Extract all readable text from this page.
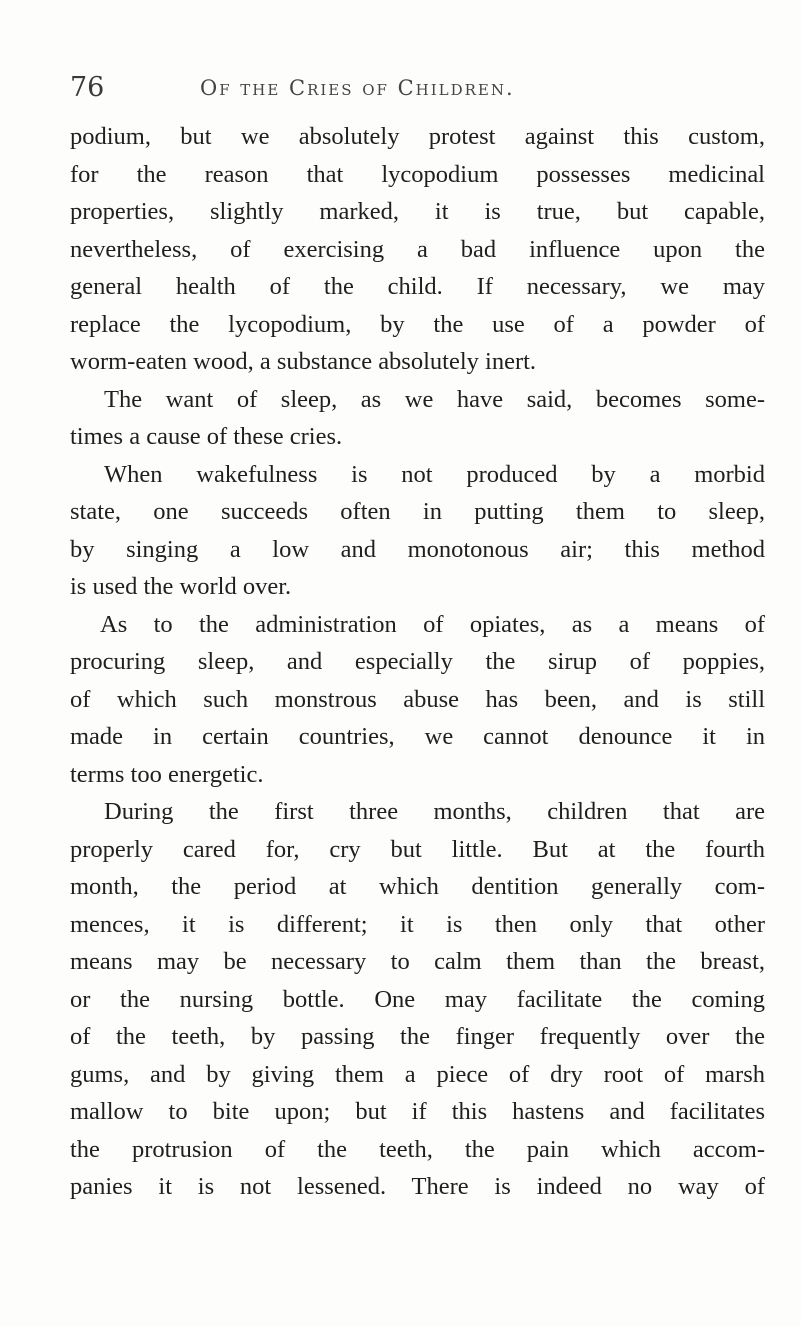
76	Of the Cries of Children.
podium, but we absolutely protest against this custom,
for the reason that lycopodium possesses medicinal
properties, slightly marked, it is true, but capable,
nevertheless, of exercising a bad influence upon the
general health of the child. If necessary, we may
replace the lycopodium, by the use of a powder of
worm-eaten wood, a substance absolutely inert.
The want of sleep, as we have said, becomes some-
times a cause of these cries.
When wakefulness is not produced by a morbid
state, one succeeds often in putting them to sleep,
by singing a low and monotonous air; this method
is used the world over.
As to the administration of opiates, as a means of
procuring sleep, and especially the sirup of poppies,
of which such monstrous abuse has been, and is still
made in certain countries, we cannot denounce it in
terms too energetic.
During the first three months, children that are
properly cared for, cry but little. But at the fourth
month, the period at which dentition generally com-
mences, it is different; it is then only that other
means may be necessary to calm them than the breast,
or the nursing bottle. One may facilitate the coming
of the teeth, by passing the finger frequently over the
gums, and by giving them a piece of dry root of marsh
mallow to bite upon; but if this hastens and facilitates
the protrusion of the teeth, the pain which accom-
panies it is not lessened. There is indeed no way of
